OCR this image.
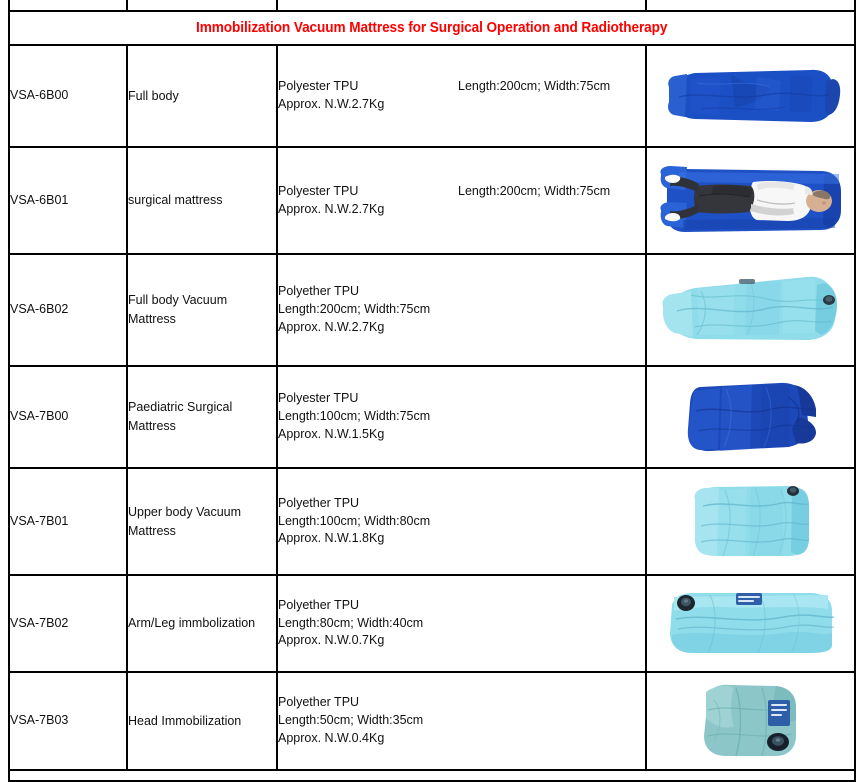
Immobilization Vacuum Mattress for Surgical Operation and Radiotherapy			

VSA-6B00	Full body	Polyester TPU Length:200cm; Width:75cm
Approx. N.W.2.7Kg

VSA-6B01	surgical mattress	Polyester TPU Length:200cm; Width:75cm
Approx. N.W.2.7Kg

VSA-6B02	Full body Vacuum Mattress	Polyether TPU
Length:200cm; Width:75cm
Approx. N.W.2.7Kg

VSA-7B00	Paediatric Surgical Mattress	Polyester TPU
Length:100cm; Width:75cm
Approx. N.W.1.5Kg

VSA-7B01	Upper body Vacuum Mattress	Polyether TPU
Length:100cm; Width:80cm
Approx. N.W.1.8Kg

VSA-7B02	Arm/Leg immbolization	Polyether TPU
Length:80cm; Width:40cm
Approx. N.W.0.7Kg

VSA-7B03	Head Immobilization	Polyether TPU
Length:50cm; Width:35cm
Approx. N.W.0.4Kg
